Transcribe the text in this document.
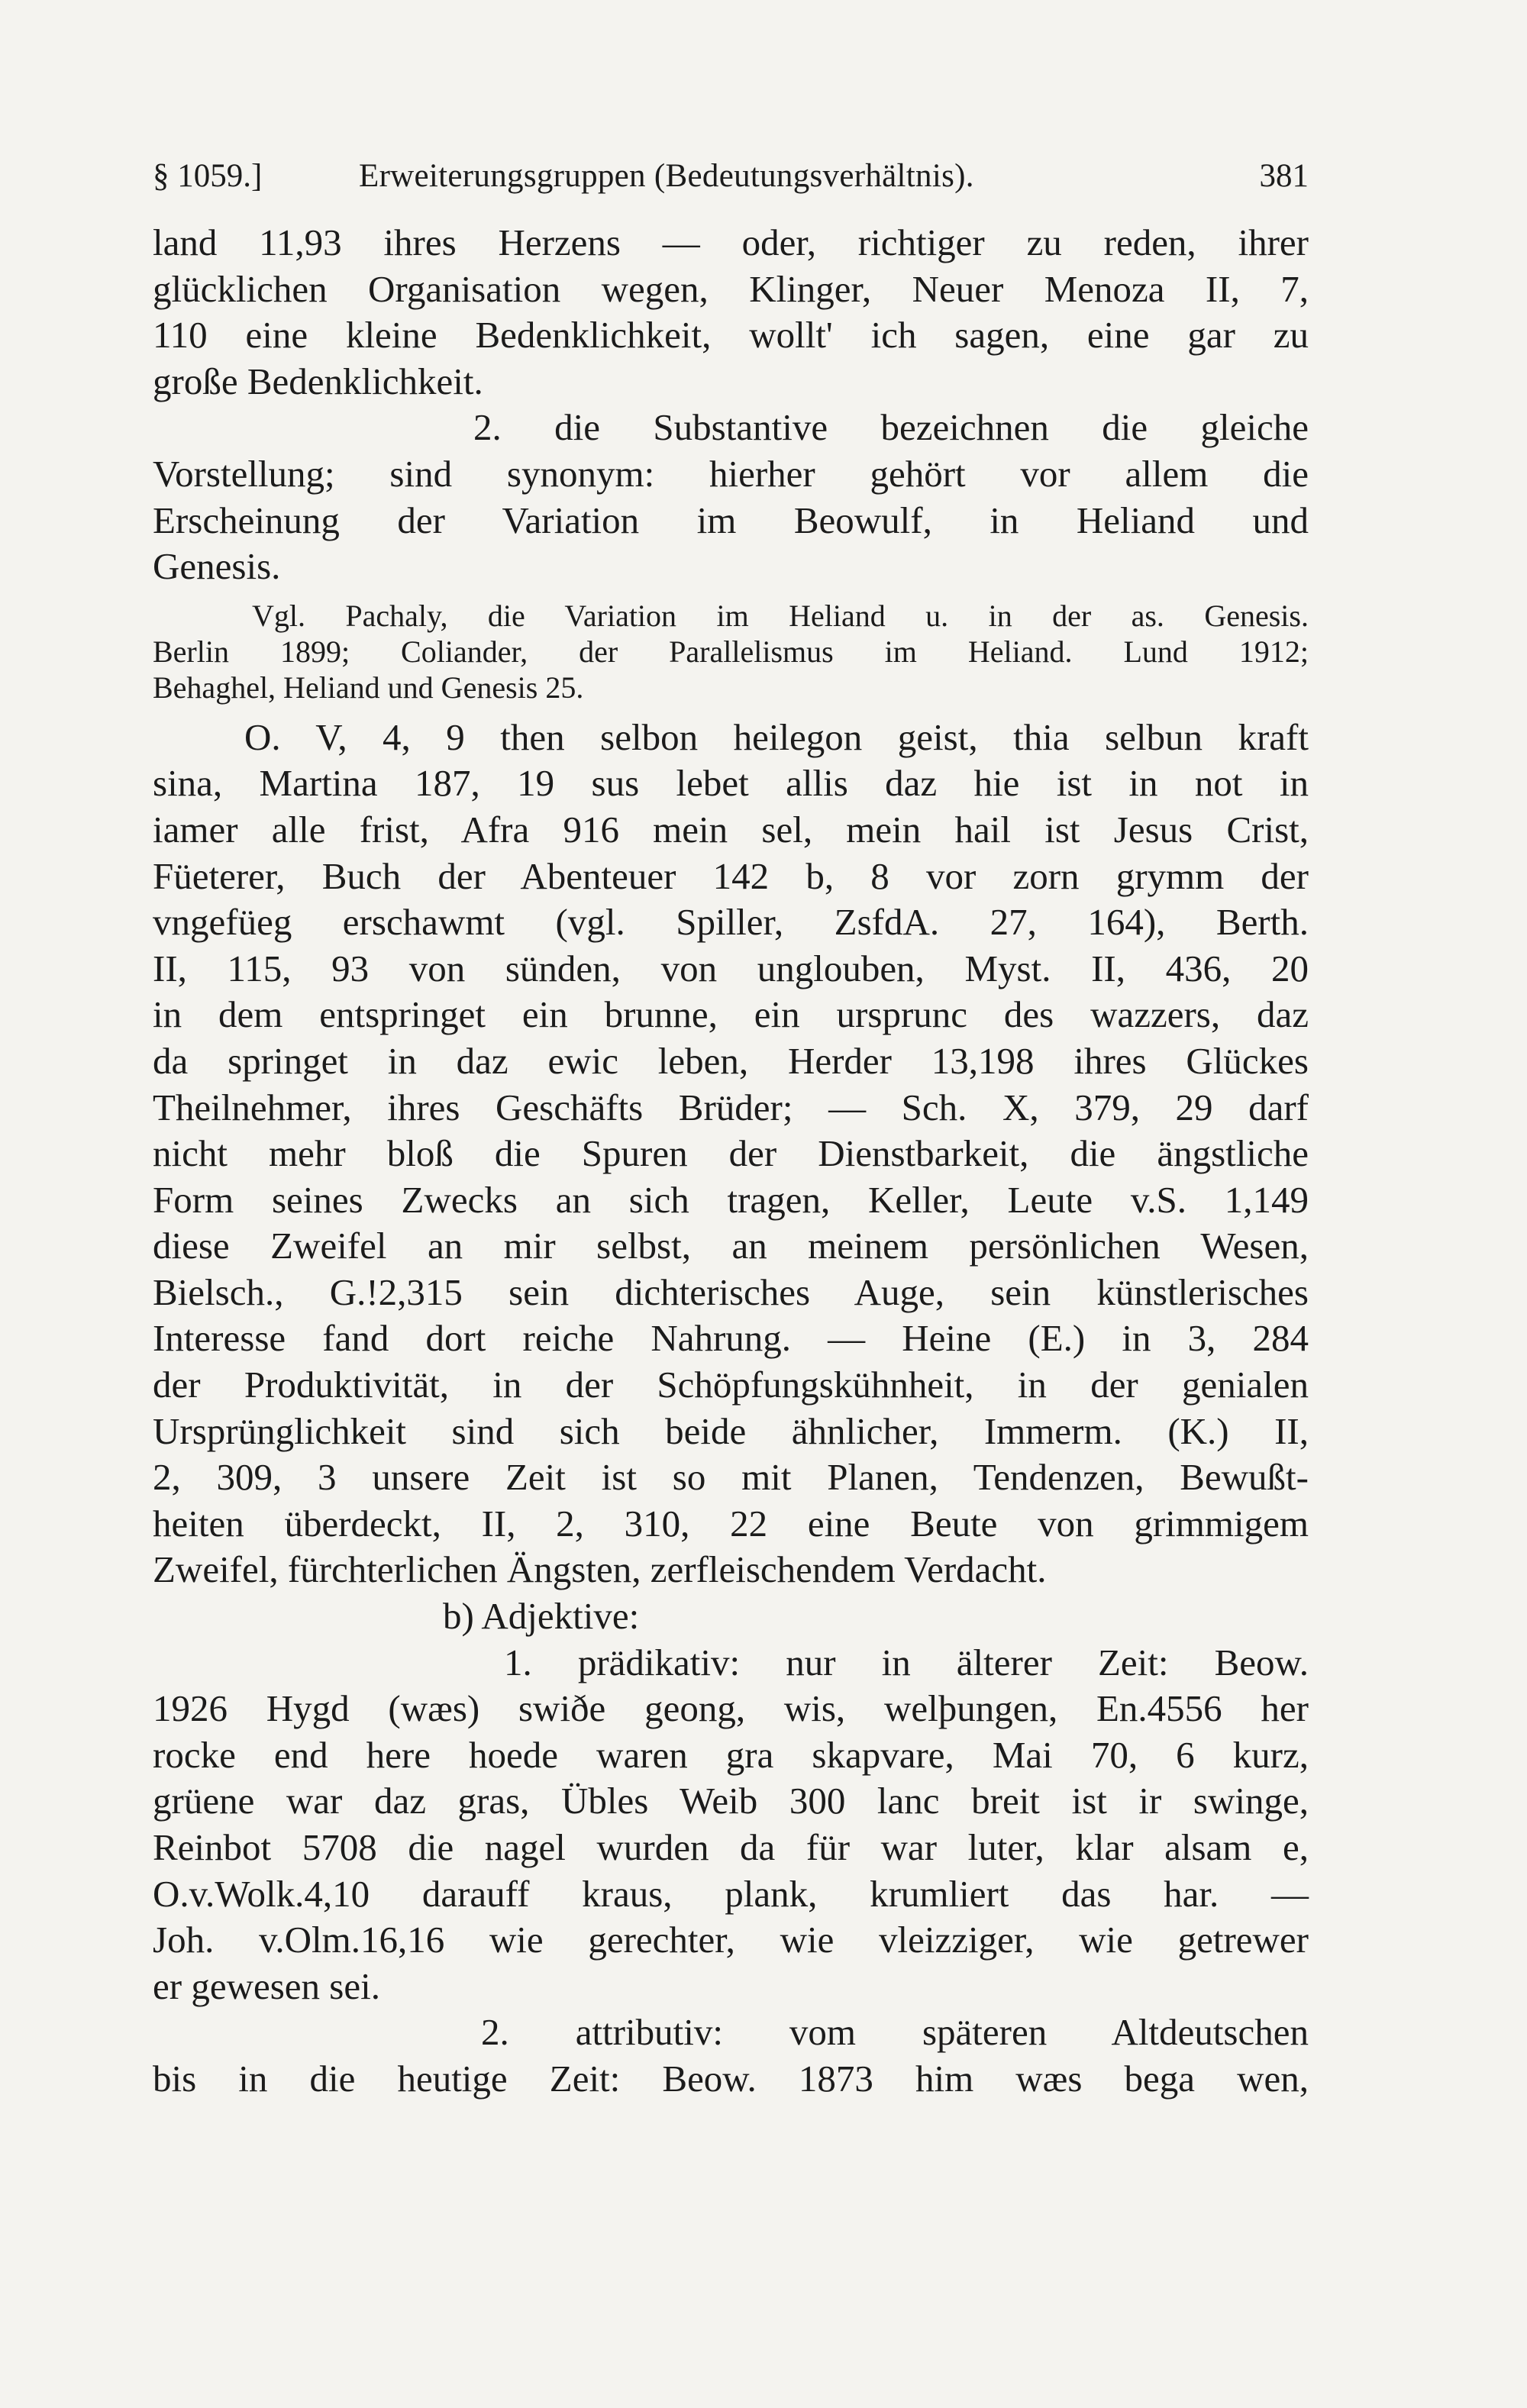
§ 1059.]	Erweiterungsgruppen (Bedeutungsverhältnis).	381
land 11,93 ihres Herzens — oder, richtiger zu reden, ihrer
glücklichen Organisation wegen, Klinger, Neuer Menoza II, 7,
110 eine kleine Bedenklichkeit, wollt' ich sagen, eine gar zu
große Bedenklichkeit.
2. die Substantive bezeichnen die gleiche
Vorstellung; sind synonym: hierher gehört vor allem die
Erscheinung der Variation im Beowulf, in Heliand und
Genesis.
Vgl. Pachaly, die Variation im Heliand u. in der as. Genesis.
Berlin 1899; Coliander, der Parallelismus im Heliand. Lund 1912;
Behaghel, Heliand und Genesis 25.
O. V, 4, 9 then selbon heilegon geist, thia selbun kraft
sina, Martina 187, 19 sus lebet allis daz hie ist in not in
iamer alle frist, Afra 916 mein sel, mein hail ist Jesus Crist,
Füeterer, Buch der Abenteuer 142 b, 8 vor zorn grymm der
vngefüeg erschawmt (vgl. Spiller, ZsfdA. 27, 164), Berth.
II, 115, 93 von sünden, von unglouben, Myst. II, 436, 20
in dem entspringet ein brunne, ein ursprunc des wazzers, daz
da springet in daz ewic leben, Herder 13,198 ihres Glückes
Theilnehmer, ihres Geschäfts Brüder; — Sch. X, 379, 29 darf
nicht mehr bloß die Spuren der Dienstbarkeit, die ängstliche
Form seines Zwecks an sich tragen, Keller, Leute v.S. 1,149
diese Zweifel an mir selbst, an meinem persönlichen Wesen,
Bielsch., G.!2,315 sein dichterisches Auge, sein künstlerisches
Interesse fand dort reiche Nahrung. — Heine (E.) in 3, 284
der Produktivität, in der Schöpfungskühnheit, in der genialen
Ursprünglichkeit sind sich beide ähnlicher, Immerm. (K.) II,
2, 309, 3 unsere Zeit ist so mit Planen, Tendenzen, Bewußt-
heiten überdeckt, II, 2, 310, 22 eine Beute von grimmigem
Zweifel, fürchterlichen Ängsten, zerfleischendem Verdacht.
b) Adjektive:
1. prädikativ: nur in älterer Zeit: Beow.
1926 Hygd (wæs) swiðe geong, wis, welþungen, En.4556 her
rocke end here hoede waren gra skapvare, Mai 70, 6 kurz,
grüene war daz gras, Übles Weib 300 lanc breit ist ir swinge,
Reinbot 5708 die nagel wurden da für war luter, klar alsam e,
O.v.Wolk.4,10 darauff kraus, plank, krumliert das har. —
Joh. v.Olm.16,16 wie gerechter, wie vleizziger, wie getrewer
er gewesen sei.
2. attributiv: vom späteren Altdeutschen
bis in die heutige Zeit: Beow. 1873 him wæs bega wen,
